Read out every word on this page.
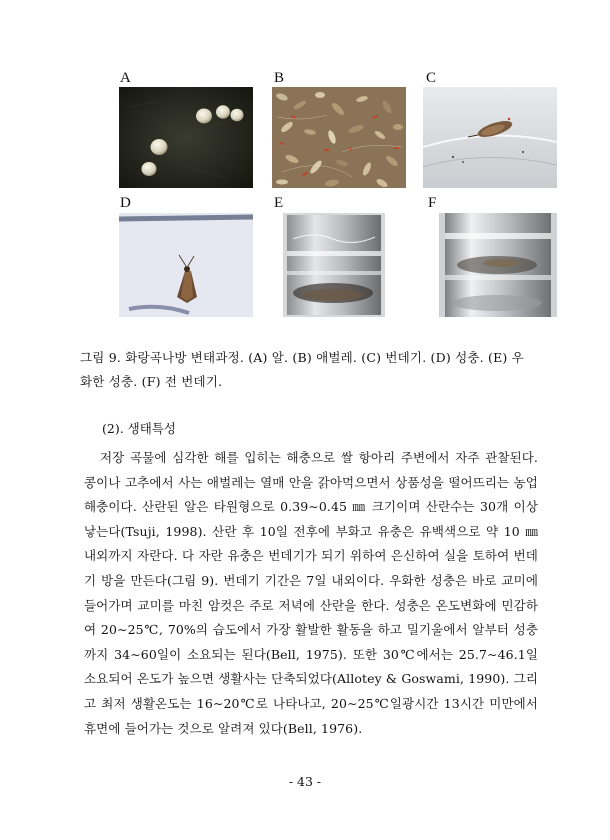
A	B	C
D	E	F
그림 9. 화랑곡나방 변태과정. (A) 알. (B) 애벌레. (C) 번데기. (D) 성충. (E) 우화한 성충. (F) 전 번데기.
(2). 생태특성
저장 곡물에 심각한 해를 입히는 해충으로 쌀 항아리 주변에서 자주 관찰된다. 콩이나 고추에서 사는 애벌레는 열매 안을 갉아먹으면서 상품성을 떨어뜨리는 농업해충이다. 산란된 알은 타원형으로 0.39∼0.45 ㎜ 크기이며 산란수는 30개 이상 낳는다(Tsuji, 1998). 산란 후 10일 전후에 부화고 유충은 유백색으로 약 10 ㎜ 내외까지 자란다. 다 자란 유충은 번데기가 되기 위하여 은신하여 실을 토하여 번데기 방을 만든다(그림 9). 번데기 기간은 7일 내외이다. 우화한 성충은 바로 교미에 들어가며 교미를 마친 암컷은 주로 저녁에 산란을 한다. 성충은 온도변화에 민감하여 20∼25℃, 70%의 습도에서 가장 활발한 활동을 하고 밀기울에서 알부터 성충까지 34∼60일이 소요되는 된다(Bell, 1975). 또한 30℃에서는 25.7∼46.1일 소요되어 온도가 높으면 생활사는 단축되었다(Allotey & Goswami, 1990). 그리고 최저 생활온도는 16∼20℃로 나타나고, 20∼25℃일광시간 13시간 미만에서 휴면에 들어가는 것으로 알려져 있다(Bell, 1976).
- 43 -
